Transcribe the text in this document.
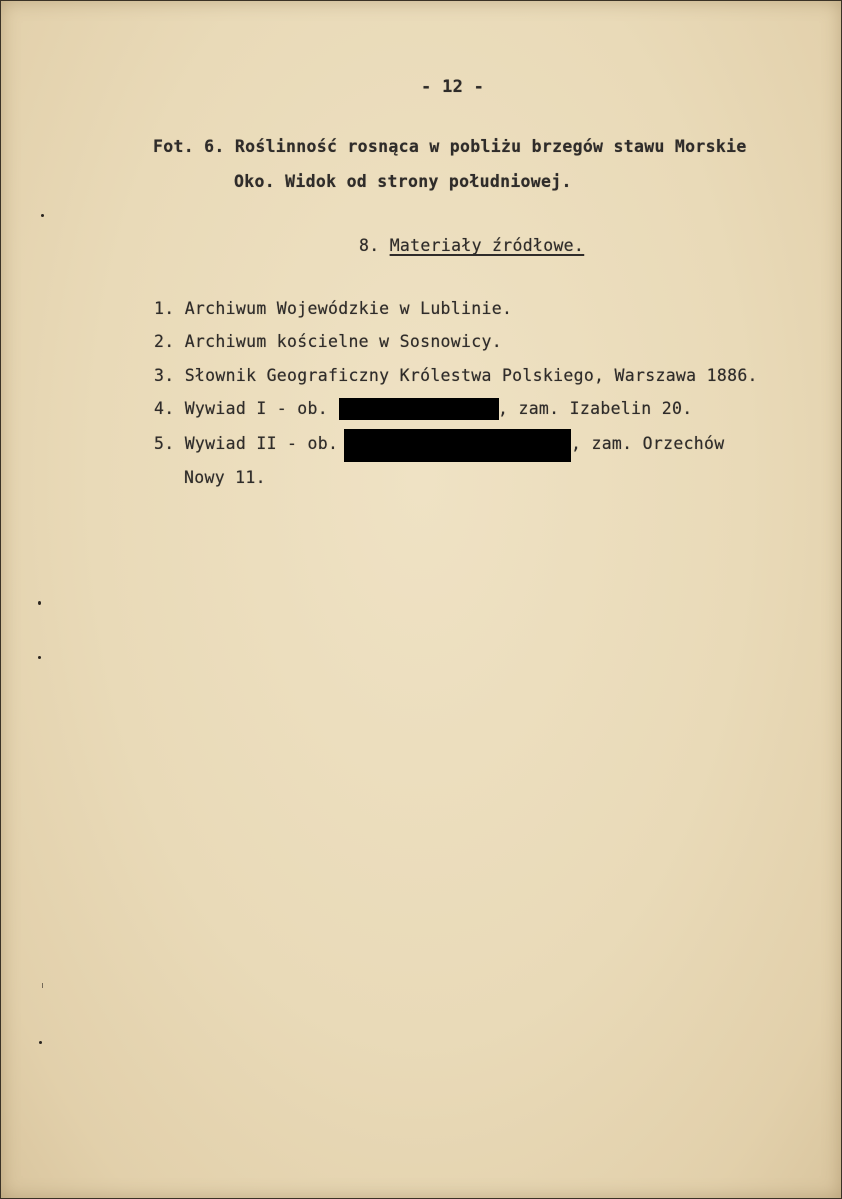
- 12 -
Fot. 6. Roślinność rosnąca w pobliżu brzegów stawu Morskie
Oko. Widok od strony południowej.
8. Materiały źródłowe.
1. Archiwum Wojewódzkie w Lublinie.
2. Archiwum kościelne w Sosnowicy.
3. Słownik Geograficzny Królestwa Polskiego, Warszawa 1886.
4. Wywiad I - ob.	, zam. Izabelin 20.
5. Wywiad II - ob.	, zam. Orzechów
Nowy 11.
